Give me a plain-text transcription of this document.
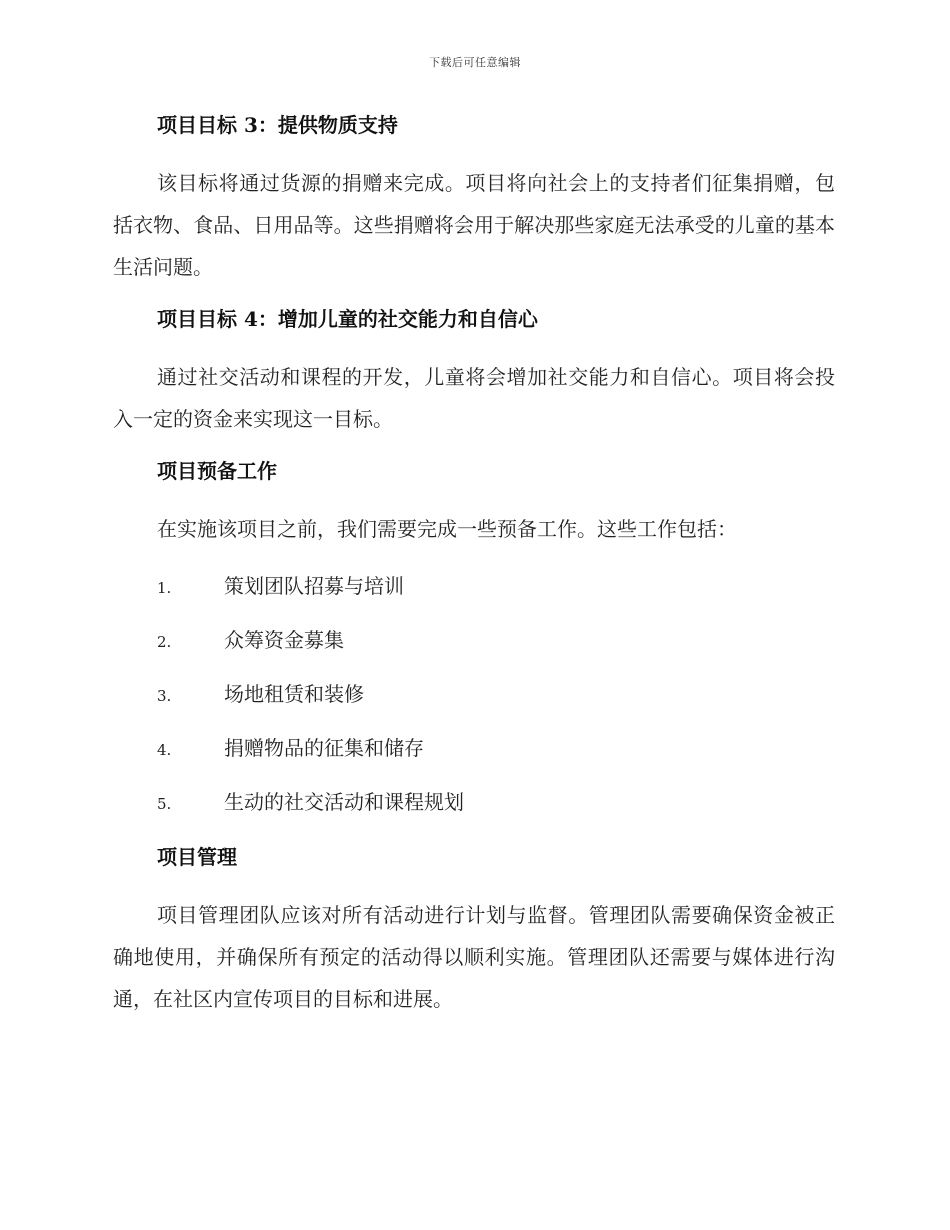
下载后可任意编辑
项目目标 3：提供物质支持

该目标将通过货源的捐赠来完成。项目将向社会上的支持者们征集捐赠，包括衣物、食品、日用品等。这些捐赠将会用于解决那些家庭无法承受的儿童的基本生活问题。

项目目标 4：增加儿童的社交能力和自信心

通过社交活动和课程的开发，儿童将会增加社交能力和自信心。项目将会投入一定的资金来实现这一目标。

项目预备工作

在实施该项目之前，我们需要完成一些预备工作。这些工作包括：

1.	策划团队招募与培训
2.	众筹资金募集
3.	场地租赁和装修
4.	捐赠物品的征集和储存
5.	生动的社交活动和课程规划
项目管理

项目管理团队应该对所有活动进行计划与监督。管理团队需要确保资金被正确地使用，并确保所有预定的活动得以顺利实施。管理团队还需要与媒体进行沟通，在社区内宣传项目的目标和进展。
